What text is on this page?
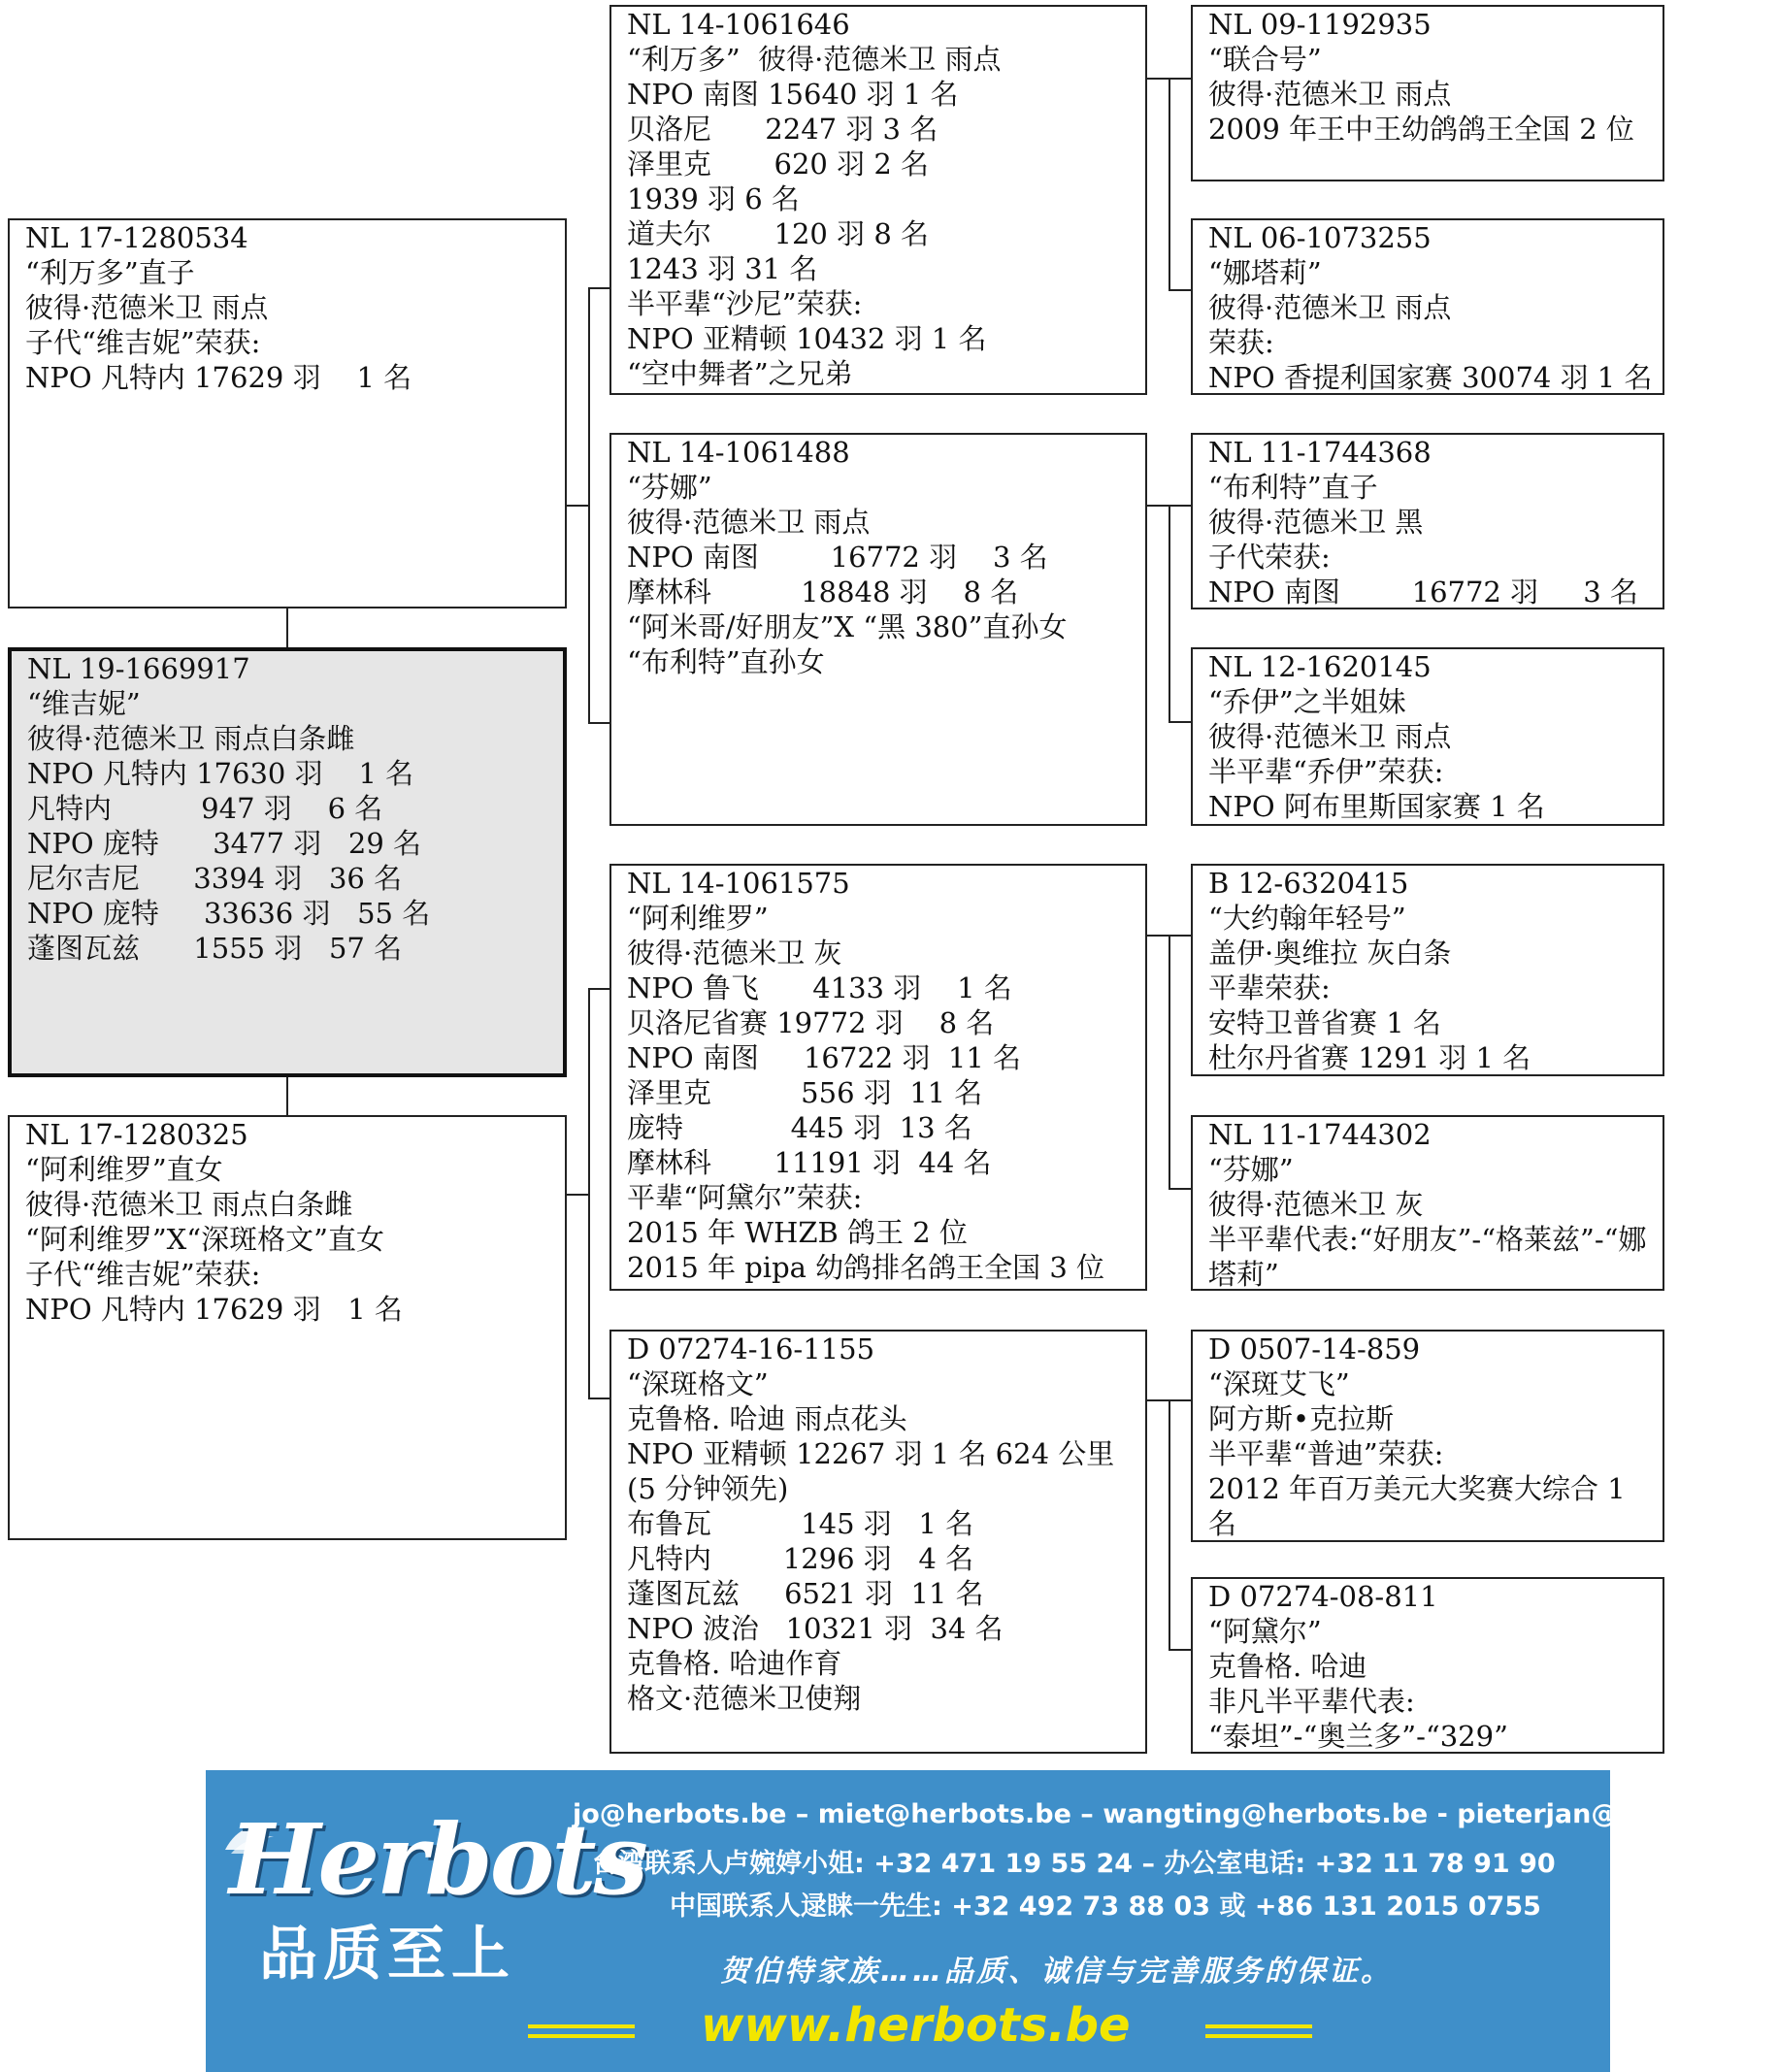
NL 17-1280534
“利万多”直子
彼得·范德米卫 雨点
子代“维吉妮”荣获:
NPO 凡特内 17629 羽    1 名
NL 19-1669917
“维吉妮”
彼得·范德米卫 雨点白条雌
NPO 凡特内 17630 羽    1 名
凡特内          947 羽    6 名
NPO 庞特      3477 羽   29 名
尼尔吉尼      3394 羽   36 名
NPO 庞特     33636 羽   55 名
蓬图瓦兹      1555 羽   57 名
NL 17-1280325
“阿利维罗”直女
彼得·范德米卫 雨点白条雌
“阿利维罗”X“深斑格文”直女
子代“维吉妮”荣获:
NPO 凡特内 17629 羽   1 名
NL 14-1061646
“利万多”  彼得·范德米卫 雨点
NPO 南图 15640 羽 1 名
贝洛尼      2247 羽 3 名
泽里克       620 羽 2 名
1939 羽 6 名
道夫尔       120 羽 8 名
1243 羽 31 名
半平辈“沙尼”荣获:
NPO 亚精顿 10432 羽 1 名
“空中舞者”之兄弟
NL 14-1061488
“芬娜”
彼得·范德米卫 雨点
NPO 南图        16772 羽    3 名
摩林科          18848 羽    8 名
“阿米哥/好朋友”X “黑 380”直孙女
“布利特”直孙女
NL 14-1061575
“阿利维罗”
彼得·范德米卫 灰
NPO 鲁飞      4133 羽    1 名
贝洛尼省赛 19772 羽    8 名
NPO 南图     16722 羽  11 名
泽里克          556 羽  11 名
庞特            445 羽  13 名
摩林科       11191 羽  44 名
平辈“阿黛尔”荣获:
2015 年 WHZB 鸽王 2 位
2015 年 pipa 幼鸽排名鸽王全国 3 位
D 07274-16-1155
“深斑格文”
克鲁格. 哈迪 雨点花头
NPO 亚精顿 12267 羽 1 名 624 公里(5 分钟领先)
布鲁瓦          145 羽   1 名
凡特内        1296 羽   4 名
蓬图瓦兹     6521 羽  11 名
NPO 波治   10321 羽  34 名
克鲁格. 哈迪作育
格文·范德米卫使翔
NL 09-1192935
“联合号”
彼得·范德米卫 雨点
2009 年王中王幼鸽鸽王全国 2 位
NL 06-1073255
“娜塔莉”
彼得·范德米卫 雨点
荣获:
NPO 香提利国家赛 30074 羽 1 名
NL 11-1744368
“布利特”直子
彼得·范德米卫 黑
子代荣获:
NPO 南图        16772 羽     3 名
NL 12-1620145
“乔伊”之半姐妹
彼得·范德米卫 雨点
半平辈“乔伊”荣获:
NPO 阿布里斯国家赛 1 名
B 12-6320415
“大约翰年轻号”
盖伊·奥维拉 灰白条
平辈荣获:
安特卫普省赛 1 名
杜尔丹省赛 1291 羽 1 名
NL 11-1744302
“芬娜”
彼得·范德米卫 灰
半平辈代表:“好朋友”-“格莱兹”-“娜塔莉”
D 0507-14-859
“深斑艾飞”
阿方斯•克拉斯
半平辈“普迪”荣获:
2012 年百万美元大奖赛大综合 1 名
D 07274-08-811
“阿黛尔”
克鲁格. 哈迪
非凡半平辈代表:
“泰坦”-“奥兰多”-“329”
Herbots
品质至上
jo@herbots.be – miet@herbots.be – wangting@herbots.be - pieterjan@herbots.be
台湾联系人卢婉婷小姐: +32 471 19 55 24 – 办公室电话: +32 11 78 91 90
中国联系人逯睐一先生: +32 492 73 88 03 或 +86 131 2015 0755
贺伯特家族……品质、诚信与完善服务的保证。
www.herbots.be
